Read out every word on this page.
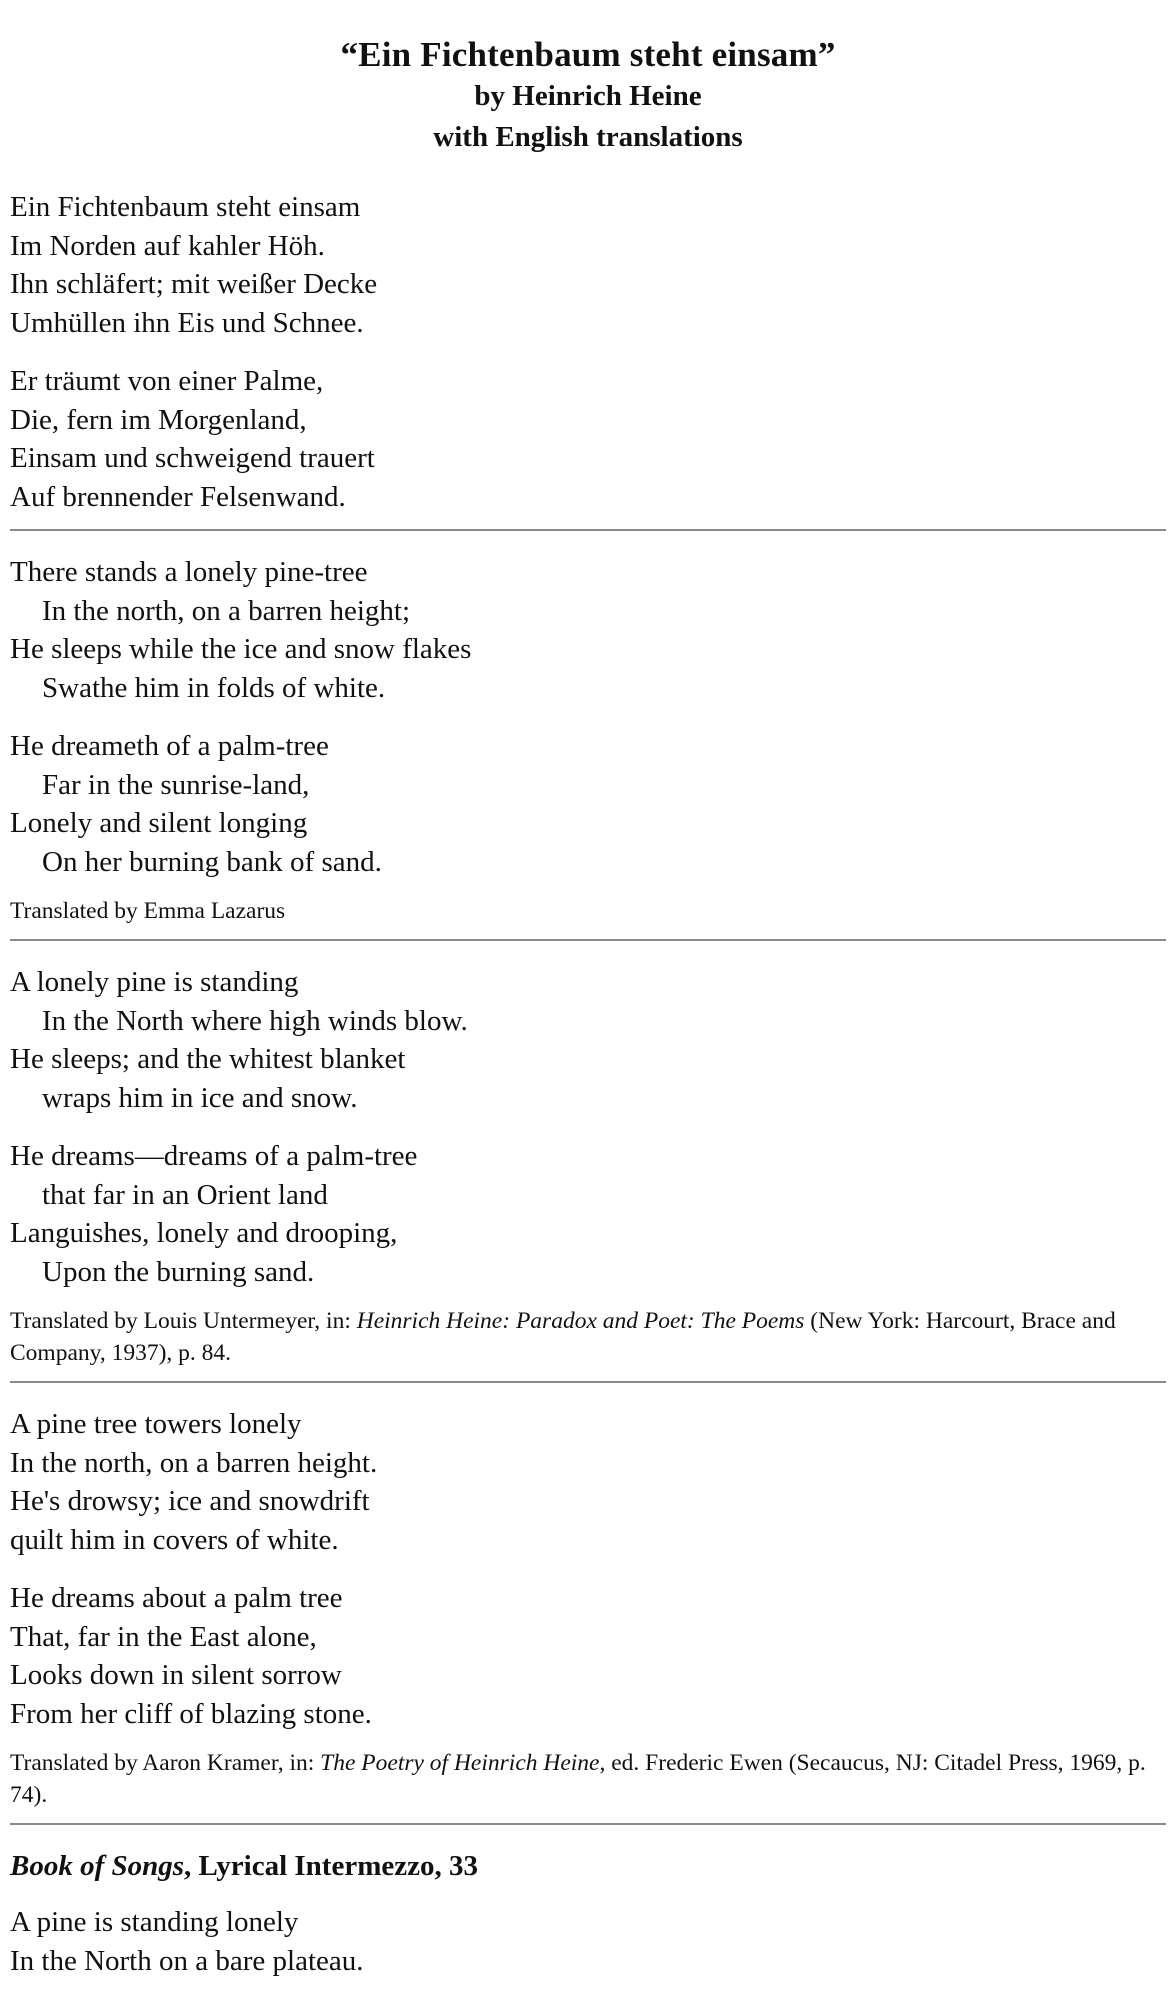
“Ein Fichtenbaum steht einsam”
by Heinrich Heine
with English translations
Ein Fichtenbaum steht einsam
Im Norden auf kahler Höh.
Ihn schläfert; mit weißer Decke
Umhüllen ihn Eis und Schnee.
Er träumt von einer Palme,
Die, fern im Morgenland,
Einsam und schweigend trauert
Auf brennender Felsenwand.
There stands a lonely pine-tree
In the north, on a barren height;
He sleeps while the ice and snow flakes
Swathe him in folds of white.
He dreameth of a palm-tree
Far in the sunrise-land,
Lonely and silent longing
On her burning bank of sand.
Translated by Emma Lazarus
A lonely pine is standing
In the North where high winds blow.
He sleeps; and the whitest blanket
wraps him in ice and snow.
He dreams—dreams of a palm-tree
that far in an Orient land
Languishes, lonely and drooping,
Upon the burning sand.
Translated by Louis Untermeyer, in: Heinrich Heine: Paradox and Poet: The Poems (New York: Harcourt, Brace and Company, 1937), p. 84.
A pine tree towers lonely
In the north, on a barren height.
He's drowsy; ice and snowdrift
quilt him in covers of white.
He dreams about a palm tree
That, far in the East alone,
Looks down in silent sorrow
From her cliff of blazing stone.
Translated by Aaron Kramer, in: The Poetry of Heinrich Heine, ed. Frederic Ewen (Secaucus, NJ: Citadel Press, 1969, p. 74).
Book of Songs, Lyrical Intermezzo, 33
A pine is standing lonely
In the North on a bare plateau.
